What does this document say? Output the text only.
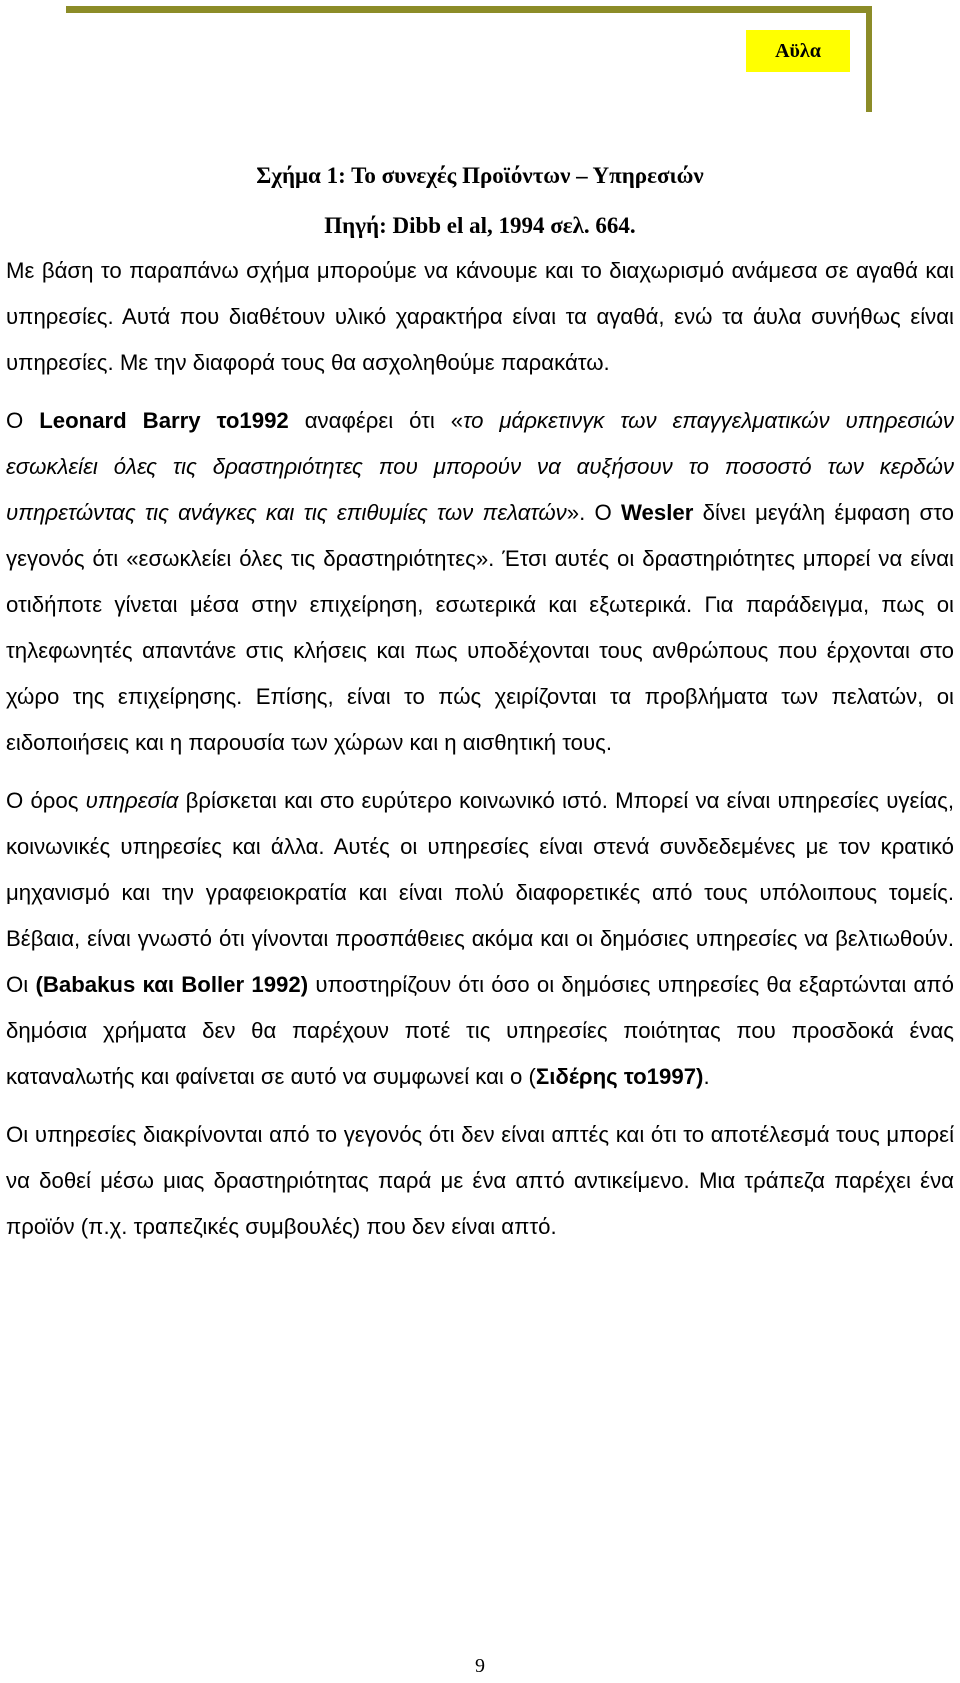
Αϋλα
Σχήμα 1: Το συνεχές Προϊόντων – Υπηρεσιών
Πηγή: Dibb el al, 1994 σελ. 664.

Με βάση το παραπάνω σχήμα μπορούμε να κάνουμε και το διαχωρισμό ανάμεσα σε αγαθά και υπηρεσίες. Αυτά που διαθέτουν υλικό χαρακτήρα είναι τα αγαθά, ενώ τα άυλα συνήθως είναι υπηρεσίες. Με την διαφορά τους θα ασχοληθούμε παρακάτω.

Ο Leonard Barry το1992 αναφέρει ότι «το μάρκετινγκ των επαγγελματικών υπηρεσιών εσωκλείει όλες τις δραστηριότητες που μπορούν να αυξήσουν το ποσοστό των κερδών υπηρετώντας τις ανάγκες και τις επιθυμίες των πελατών». Ο Wesler δίνει μεγάλη έμφαση στο γεγονός ότι «εσωκλείει όλες τις δραστηριότητες». Έτσι αυτές οι δραστηριότητες μπορεί να είναι οτιδήποτε γίνεται μέσα στην επιχείρηση, εσωτερικά και εξωτερικά. Για παράδειγμα, πως οι τηλεφωνητές απαντάνε στις κλήσεις και πως υποδέχονται τους ανθρώπους που έρχονται στο χώρο της επιχείρησης. Επίσης, είναι το πώς χειρίζονται τα προβλήματα των πελατών, οι ειδοποιήσεις και η παρουσία των χώρων και η αισθητική τους.

Ο όρος υπηρεσία βρίσκεται και στο ευρύτερο κοινωνικό ιστό. Μπορεί να είναι υπηρεσίες υγείας, κοινωνικές υπηρεσίες και άλλα. Αυτές οι υπηρεσίες είναι στενά συνδεδεμένες με τον κρατικό μηχανισμό και την γραφειοκρατία και είναι πολύ διαφορετικές από τους υπόλοιπους τομείς. Βέβαια, είναι γνωστό ότι γίνονται προσπάθειες ακόμα και οι δημόσιες υπηρεσίες να βελτιωθούν. Οι (Babakus και Boller 1992) υποστηρίζουν ότι όσο οι δημόσιες υπηρεσίες θα εξαρτώνται από δημόσια χρήματα δεν θα παρέχουν ποτέ τις υπηρεσίες ποιότητας που προσδοκά ένας καταναλωτής και φαίνεται σε αυτό να συμφωνεί και ο (Σιδέρης το1997).

Οι υπηρεσίες διακρίνονται από το γεγονός ότι δεν είναι απτές και ότι το αποτέλεσμά τους μπορεί να δοθεί μέσω μιας δραστηριότητας παρά με ένα απτό αντικείμενο. Μια τράπεζα παρέχει ένα προϊόν (π.χ. τραπεζικές συμβουλές) που δεν είναι απτό.

9
